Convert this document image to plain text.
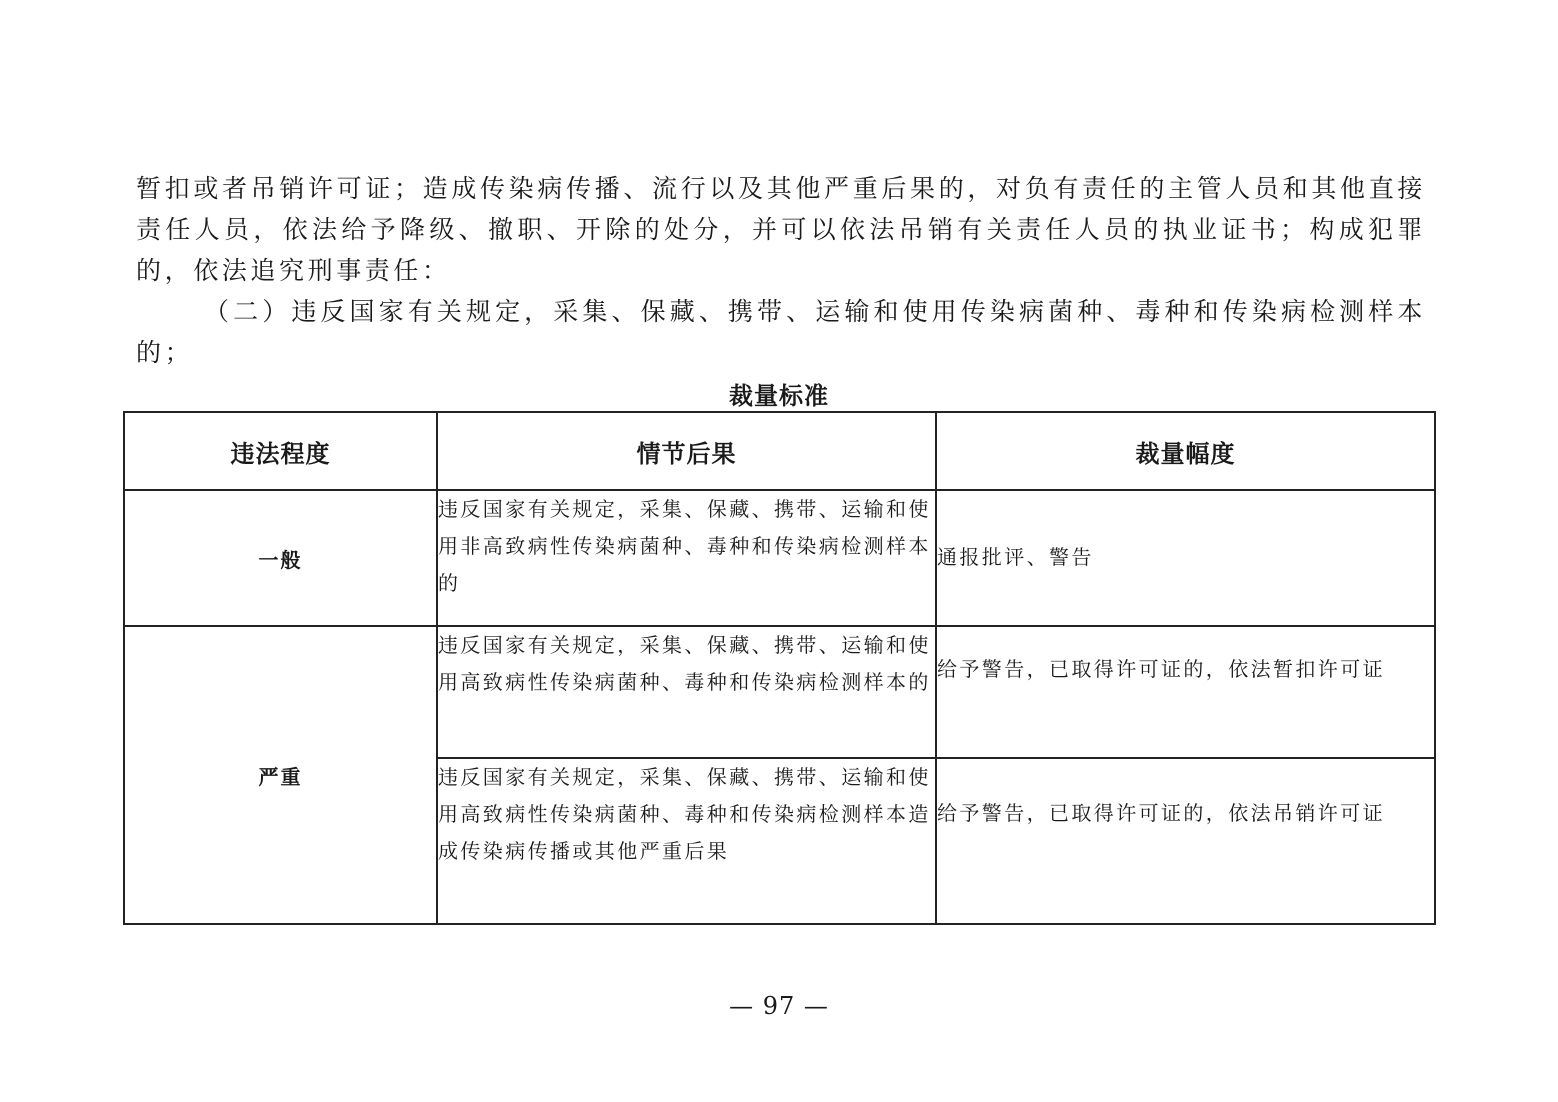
暂扣或者吊销许可证；造成传染病传播、流行以及其他严重后果的，对负有责任的主管人员和其他直接责任人员，依法给予降级、撤职、开除的处分，并可以依法吊销有关责任人员的执业证书；构成犯罪的，依法追究刑事责任：

（二）违反国家有关规定，采集、保藏、携带、运输和使用传染病菌种、毒种和传染病检测样本的；

裁量标准

违法程度	情节后果	裁量幅度
一般	违反国家有关规定，采集、保藏、携带、运输和使用非高致病性传染病菌种、毒种和传染病检测样本的	通报批评、警告
严重	违反国家有关规定，采集、保藏、携带、运输和使用高致病性传染病菌种、毒种和传染病检测样本的	给予警告，已取得许可证的，依法暂扣许可证
	违反国家有关规定，采集、保藏、携带、运输和使用高致病性传染病菌种、毒种和传染病检测样本造成传染病传播或其他严重后果	给予警告，已取得许可证的，依法吊销许可证

— 97 —
